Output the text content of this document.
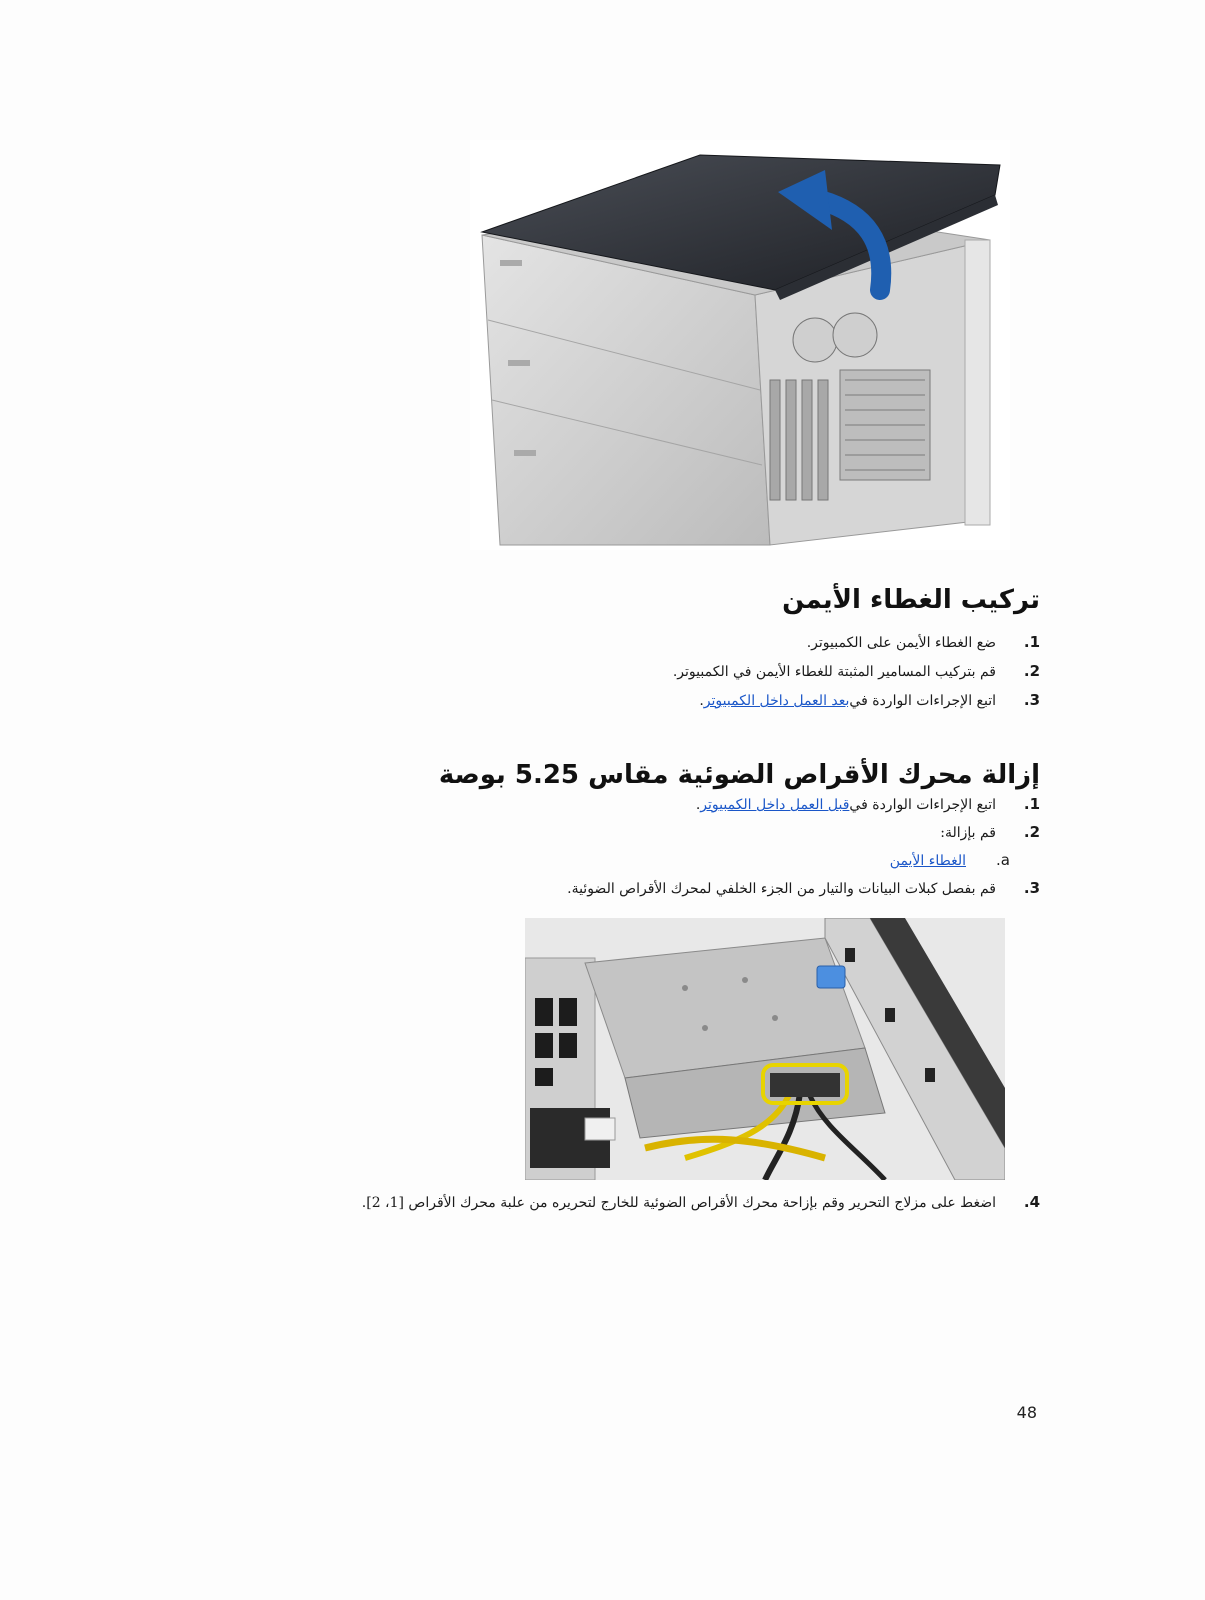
تركيب الغطاء الأيمن
1.
ضع الغطاء الأيمن على الكمبيوتر.
2.
قم بتركيب المسامير المثبتة للغطاء الأيمن في الكمبيوتر.
3.
اتبع الإجراءات الواردة في
بعد العمل داخل الكمبيوتر
.
إزالة محرك الأقراص الضوئية مقاس 5.25 بوصة
1.
اتبع الإجراءات الواردة في
قبل العمل داخل الكمبيوتر
.
2.
قم بإزالة:
a.
الغطاء الأيمن
3.
قم بفصل كبلات البيانات والتيار من الجزء الخلفي لمحرك الأقراص الضوئية.
4.
اضغط على مزلاج التحرير وقم بإزاحة محرك الأقراص الضوئية للخارج لتحريره من علبة محرك الأقراص [1، 2].
48
